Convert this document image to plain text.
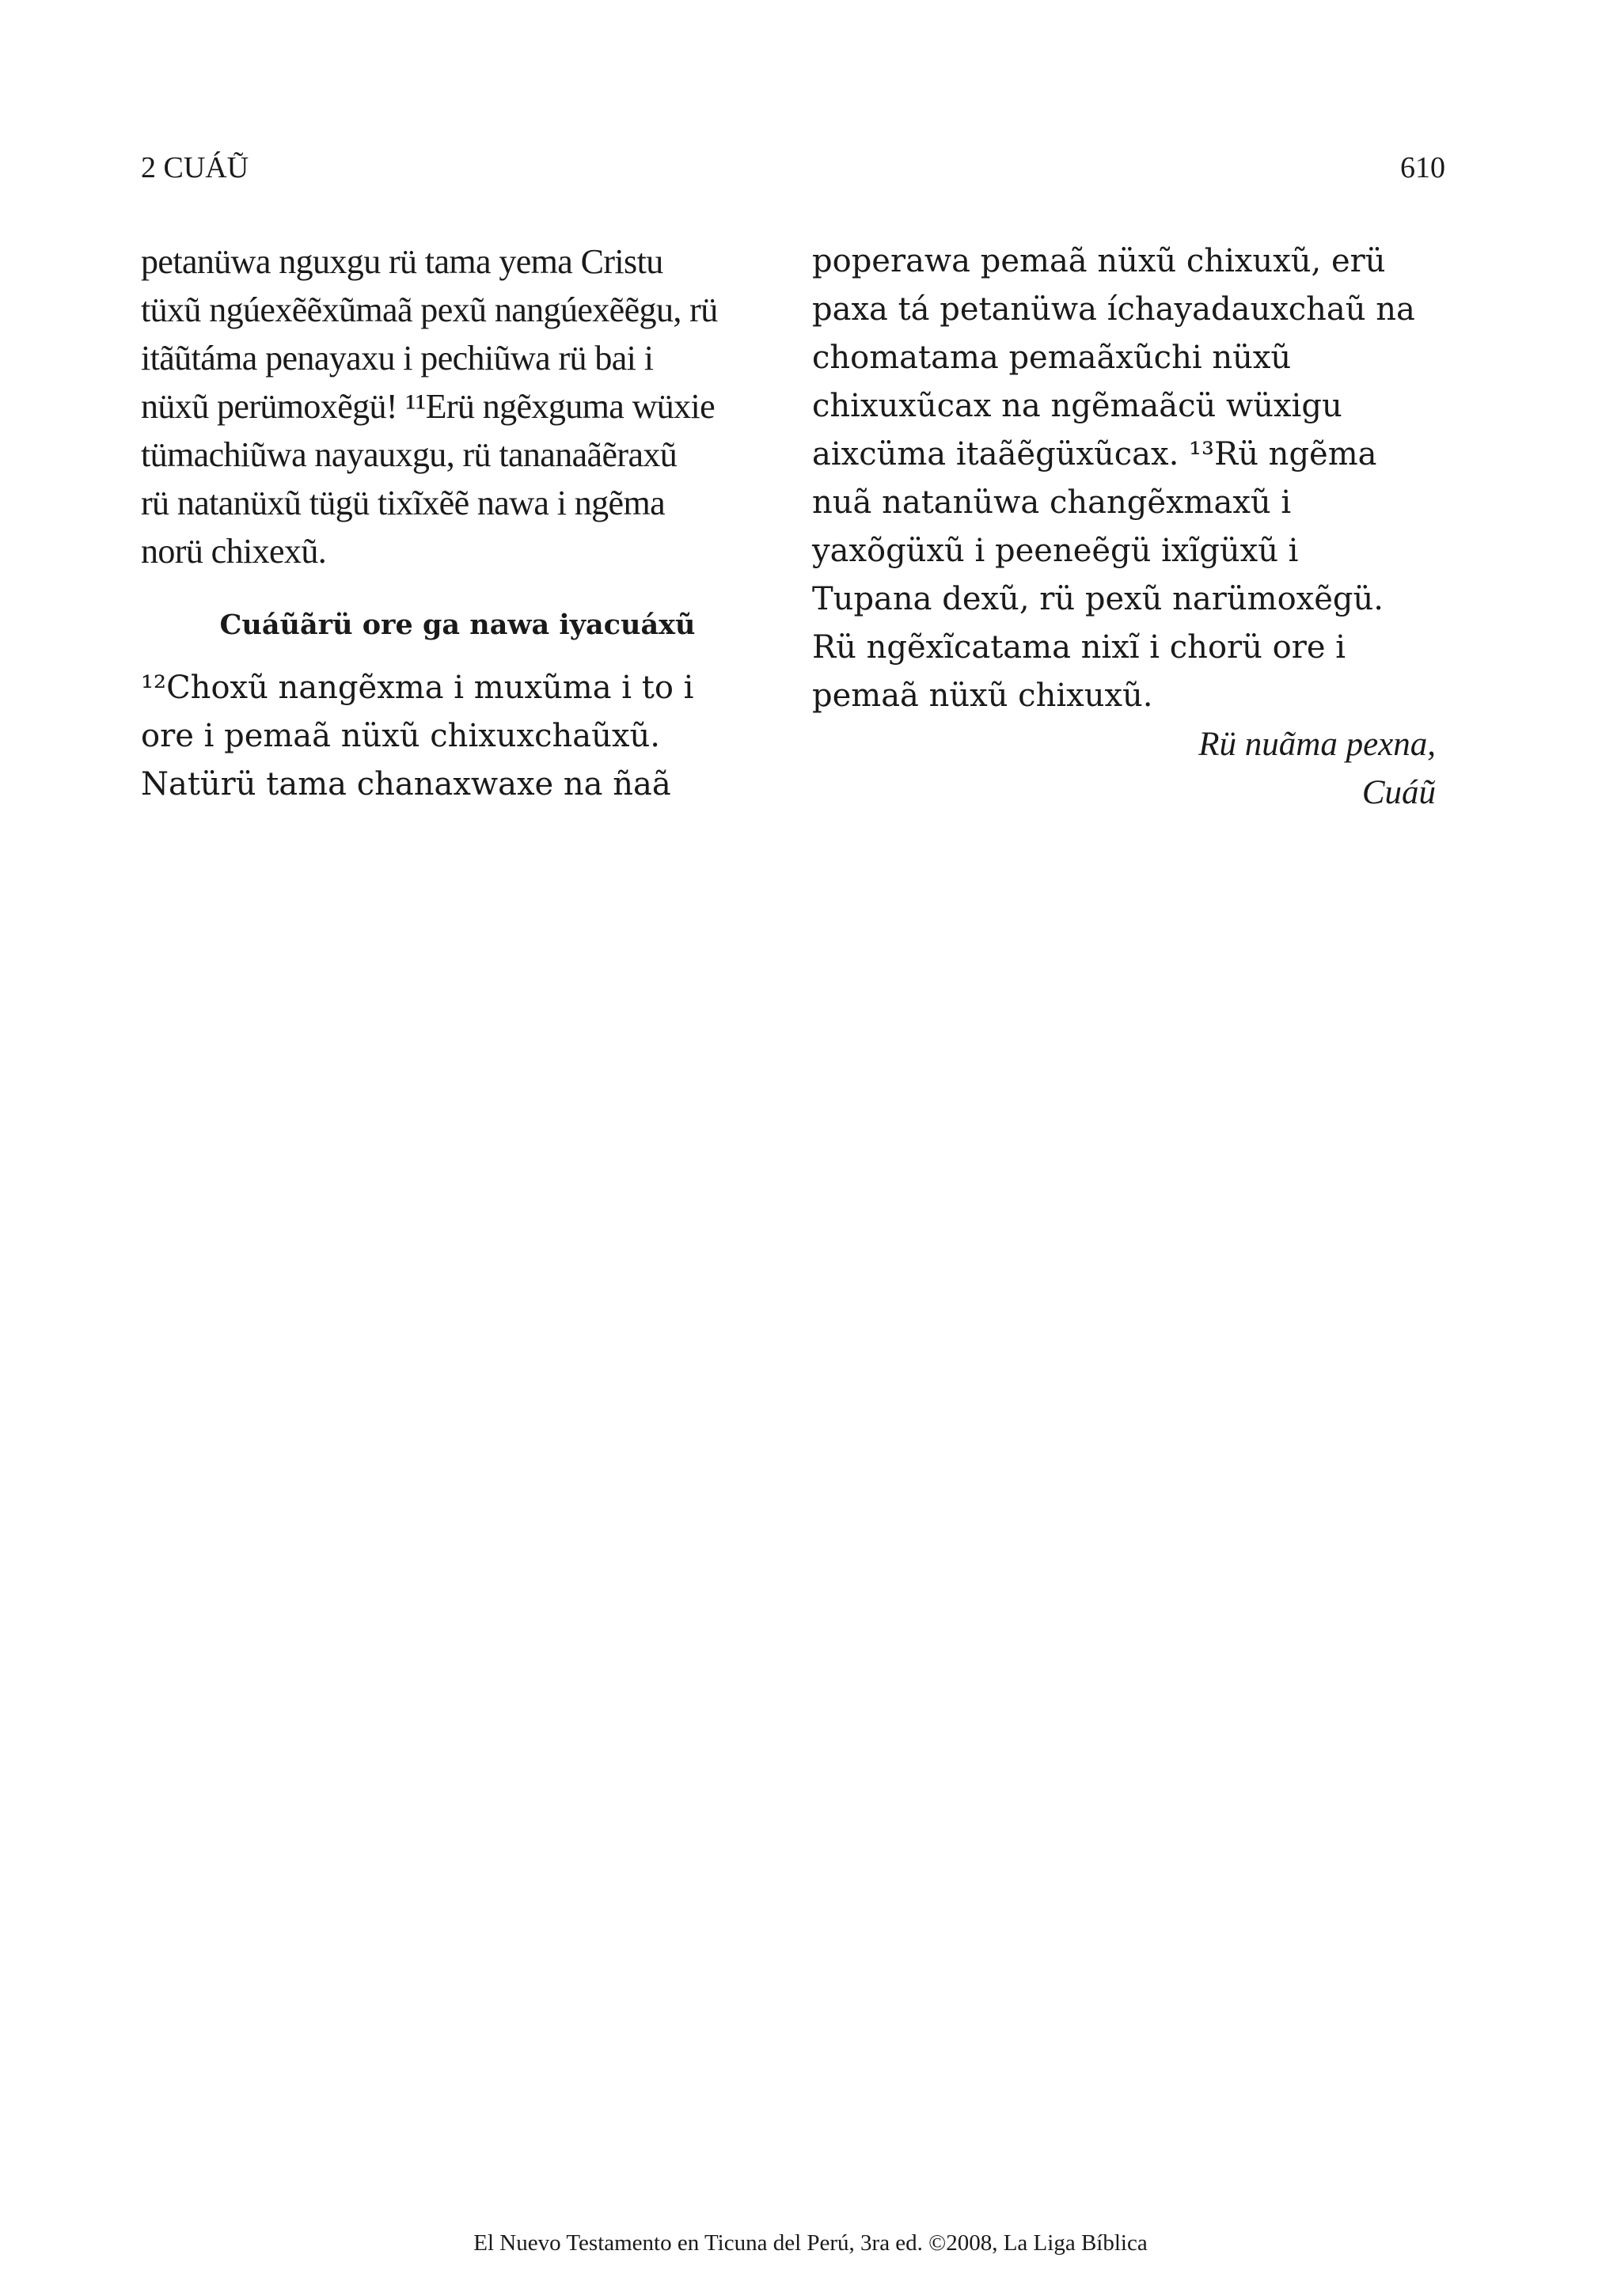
2 CUÁŨ	610

petanüwa nguxgu rü tama yema Cristu
tüxũ ngúexẽẽxũmaã pexũ nangúexẽẽgu, rü
itãũtáma penayaxu i pechiũwa rü bai i
nüxũ perümoxẽgü! ¹¹Erü ngẽxguma wüxie
tümachiũwa nayauxgu, rü tananaãẽraxũ
rü natanüxũ tügü tixĩxẽẽ nawa i ngẽma
norü chixexũ.

Cuáũãrü ore ga nawa iyacuáxũ

¹²Choxũ nangẽxma i muxũma i to i
ore i pemaã nüxũ chixuxchaũxũ.
Natürü tama chanaxwaxe na ñaã

poperawa pemaã nüxũ chixuxũ, erü
paxa tá petanüwa íchayadauxchaũ na
chomatama pemaãxũchi nüxũ
chixuxũcax na ngẽmaãcü wüxigu
aixcüma itaãẽgüxũcax. ¹³Rü ngẽma
nuã natanüwa changẽxmaxũ i
yaxõgüxũ i peeneẽgü ixĩgüxũ i
Tupana dexũ, rü pexũ narümoxẽgü.
Rü ngẽxĩcatama nixĩ i chorü ore i
pemaã nüxũ chixuxũ.

Rü nuãma pexna,
Cuáũ

El Nuevo Testamento en Ticuna del Perú, 3ra ed. ©2008, La Liga Bíblica
